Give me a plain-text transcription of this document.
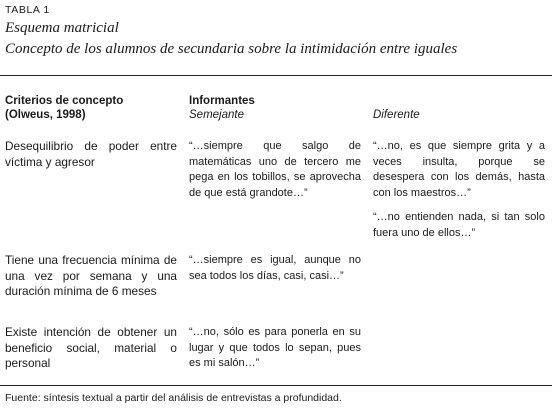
TABLA 1
Esquema matricial
Concepto de los alumnos de secundaria sobre la intimidación entre iguales
Criterios de concepto
(Olweus, 1998)
Informantes
Semejante	Diferente
Desequilibrio de poder entre víctima y agresor
“…siempre que salgo de matemáticas uno de tercero me pega en los tobillos, se aprovecha de que está grandote…”
“…no, es que siempre grita y a veces insulta, porque se desespera con los demás, hasta con los maestros…”
“…no entienden nada, si tan solo fuera uno de ellos…”
Tiene una frecuencia mínima de una vez por semana y una duración mínima de 6 meses
“…siempre es igual, aunque no sea todos los días, casi, casi…”
Existe intención de obtener un beneficio social, material o personal
“…no, sólo es para ponerla en su lugar y que todos lo sepan, pues es mi salón…”
Fuente: síntesis textual a partir del análisis de entrevistas a profundidad.
